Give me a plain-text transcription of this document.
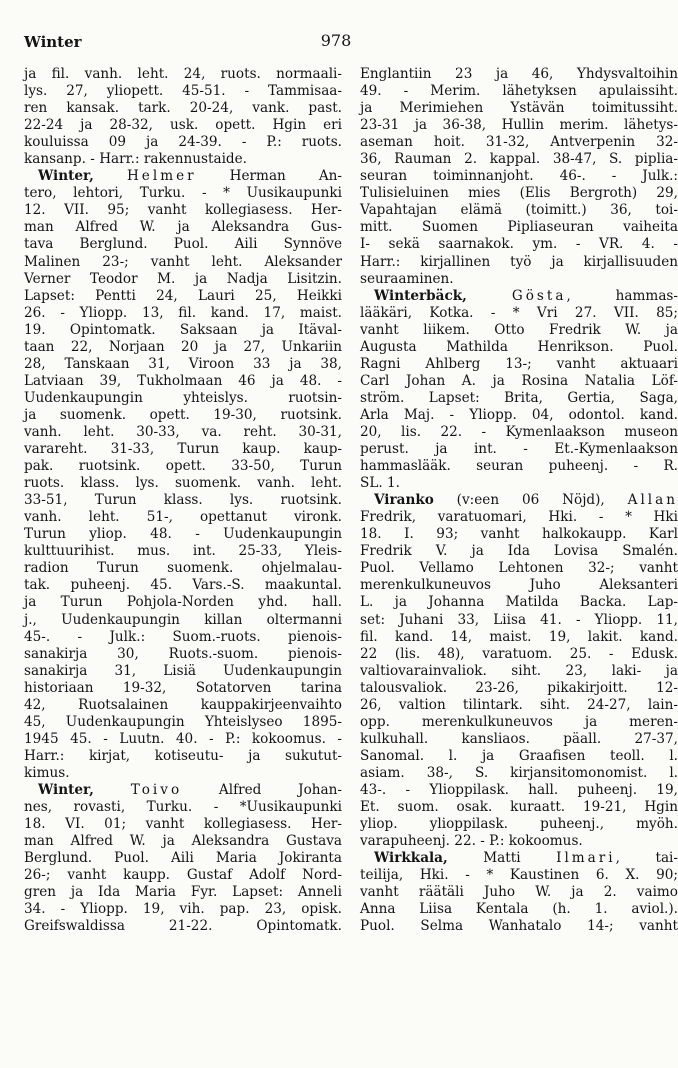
Winter	978
ja fil. vanh. leht. 24, ruots. normaali-
lys. 27, yliopett. 45-51. - Tammisaa-
ren kansak. tark. 20-24, vank. past.
22-24 ja 28-32, usk. opett. Hgin eri
kouluissa 09 ja 24-39. - P.: ruots.
kansanp. - Harr.: rakennustaide.
Winter, Helmer Herman An-
tero, lehtori, Turku. - * Uusikaupunki
12. VII. 95; vanht kollegiasess. Her-
man Alfred W. ja Aleksandra Gus-
tava Berglund. Puol. Aili Synnöve
Malinen 23-; vanht leht. Aleksander
Verner Teodor M. ja Nadja Lisitzin.
Lapset: Pentti 24, Lauri 25, Heikki
26. - Yliopp. 13, fil. kand. 17, maist.
19. Opintomatk. Saksaan ja Itäval-
taan 22, Norjaan 20 ja 27, Unkariin
28, Tanskaan 31, Viroon 33 ja 38,
Latviaan 39, Tukholmaan 46 ja 48. -
Uudenkaupungin yhteislys. ruotsin-
ja suomenk. opett. 19-30, ruotsink.
vanh. leht. 30-33, va. reht. 30-31,
varareht. 31-33, Turun kaup. kaup-
pak. ruotsink. opett. 33-50, Turun
ruots. klass. lys. suomenk. vanh. leht.
33-51, Turun klass. lys. ruotsink.
vanh. leht. 51-, opettanut vironk.
Turun yliop. 48. - Uudenkaupungin
kulttuurihist. mus. int. 25-33, Yleis-
radion Turun suomenk. ohjelmalau-
tak. puheenj. 45. Vars.-S. maakuntal.
ja Turun Pohjola-Norden yhd. hall.
j., Uudenkaupungin killan oltermanni
45-. - Julk.: Suom.-ruots. pienois-
sanakirja 30, Ruots.-suom. pienois-
sanakirja 31, Lisiä Uudenkaupungin
historiaan 19-32, Sotatorven tarina
42, Ruotsalainen kauppakirjeenvaihto
45, Uudenkaupungin Yhteislyseo 1895-
1945 45. - Luutn. 40. - P.: kokoomus. -
Harr.: kirjat, kotiseutu- ja sukutut-
kimus.
Winter,	Toivo Alfred Johan-
nes, rovasti, Turku. - *Uusikaupunki
18. VI. 01; vanht kollegiasess. Her-
man Alfred W. ja Aleksandra Gustava
Berglund. Puol. Aili Maria Jokiranta
26-; vanht kaupp. Gustaf Adolf Nord-
gren ja Ida Maria Fyr. Lapset: Anneli
34. - Yliopp. 19, vih. pap. 23, opisk.
Greifswaldissa 21-22. Opintomatk.
Englantiin 23 ja 46, Yhdysvaltoihin
49. - Merim. lähetyksen apulaissiht.
ja Merimiehen Ystävän toimitussiht.
23-31 ja 36-38, Hullin merim. lähetys-
aseman hoit. 31-32, Antverpenin 32-
36, Rauman 2. kappal. 38-47, S. piplia-
seuran toiminnanjoht. 46-. - Julk.:
Tulisieluinen mies (Elis Bergroth) 29,
Vapahtajan elämä (toimitt.) 36, toi-
mitt. Suomen Pipliaseuran vaiheita
I- sekä saarnakok. ym. - VR. 4. -
Harr.: kirjallinen työ ja kirjallisuuden
seuraaminen.
Winterbäck,	Gösta, hammas-
lääkäri, Kotka. - * Vri 27. VII. 85;
vanht liikem. Otto Fredrik W. ja
Augusta Mathilda Henrikson. Puol.
Ragni Ahlberg 13-; vanht aktuaari
Carl Johan A. ja Rosina Natalia Löf-
ström. Lapset: Brita, Gertia, Saga,
Arla Maj. - Yliopp. 04, odontol. kand.
20, lis. 22. - Kymenlaakson museon
perust. ja int. - Et.-Kymenlaakson
hammaslääk. seuran puheenj. - R.
SL. 1.
Viranko (v:een 06 Nöjd), Allan
Fredrik, varatuomari, Hki. - * Hki
18. I. 93; vanht halkokaupp. Karl
Fredrik V. ja Ida Lovisa Smalén.
Puol. Vellamo Lehtonen 32-; vanht
merenkulkuneuvos Juho Aleksanteri
L. ja Johanna Matilda Backa. Lap-
set: Juhani 33, Liisa 41. - Yliopp. 11,
fil. kand. 14, maist. 19, lakit. kand.
22 (lis. 48), varatuom. 25. - Edusk.
valtiovarainvaliok. siht. 23, laki- ja
talousvaliok. 23-26, pikakirjoitt. 12-
26, valtion tilintark. siht. 24-27, lain-
opp. merenkulkuneuvos ja meren-
kulkuhall. kansliaos. päall. 27-37,
Sanomal. l. ja Graafisen teoll. l.
asiam. 38-, S. kirjansitomonomist. l.
43-. - Ylioppilask. hall. puheenj. 19,
Et. suom. osak. kuraatt. 19-21, Hgin
yliop. ylioppilask. puheenj., myöh.
varapuheenj. 22. - P.: kokoomus.
Wirkkala, Matti Ilmari, tai-
teilija, Hki. - * Kaustinen 6. X. 90;
vanht räätäli Juho W. ja 2. vaimo
Anna Liisa Kentala (h. 1. aviol.).
Puol. Selma Wanhatalo 14-; vanht
